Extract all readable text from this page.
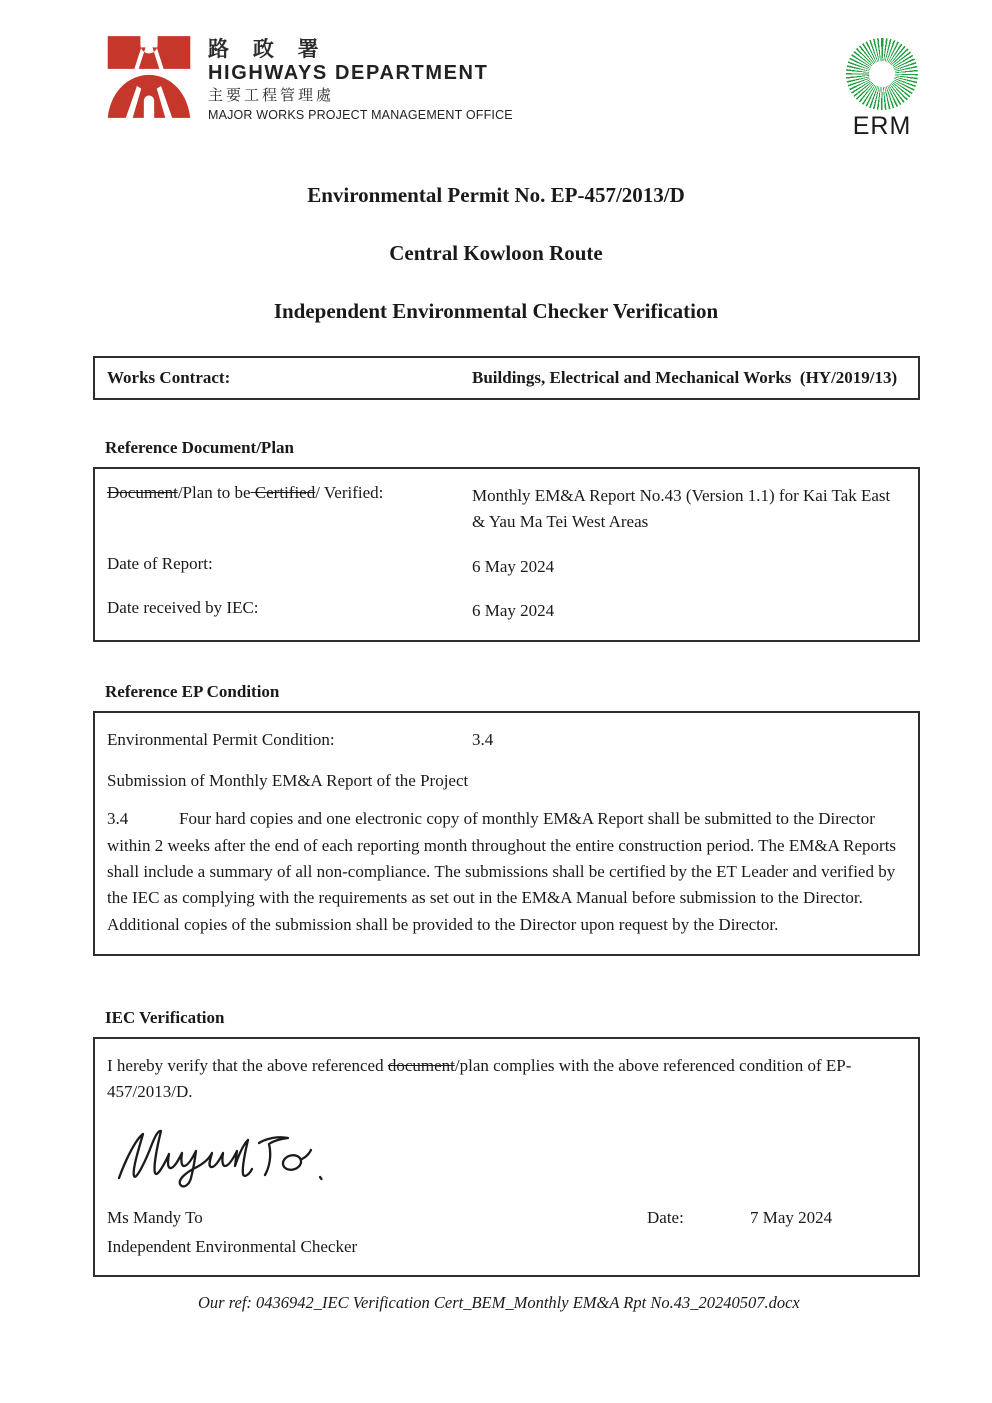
路 政 署
HIGHWAYS DEPARTMENT
主要工程管理處
MAJOR WORKS PROJECT MANAGEMENT OFFICE	ERM
Environmental Permit No. EP-457/2013/D
Central Kowloon Route
Independent Environmental Checker Verification
Works Contract:	Buildings, Electrical and Mechanical Works  (HY/2019/13)
Reference Document/Plan
Document/Plan to be Certified/ Verified:	Monthly EM&A Report No.43 (Version 1.1) for Kai Tak East & Yau Ma Tei West Areas
Date of Report:	6 May 2024
Date received by IEC:	6 May 2024
Reference EP Condition
Environmental Permit Condition:	3.4
Submission of Monthly EM&A Report of the Project

3.4	Four hard copies and one electronic copy of monthly EM&A Report shall be submitted to the Director within 2 weeks after the end of each reporting month throughout the entire construction period. The EM&A Reports shall include a summary of all non-compliance. The submissions shall be certified by the ET Leader and verified by the IEC as complying with the requirements as set out in the EM&A Manual before submission to the Director. Additional copies of the submission shall be provided to the Director upon request by the Director.

IEC Verification

I hereby verify that the above referenced document/plan complies with the above referenced condition of EP-457/2013/D.

Ms Mandy To	Date:	7 May 2024
Independent Environmental Checker
Our ref: 0436942_IEC Verification Cert_BEM_Monthly EM&A Rpt No.43_20240507.docx
